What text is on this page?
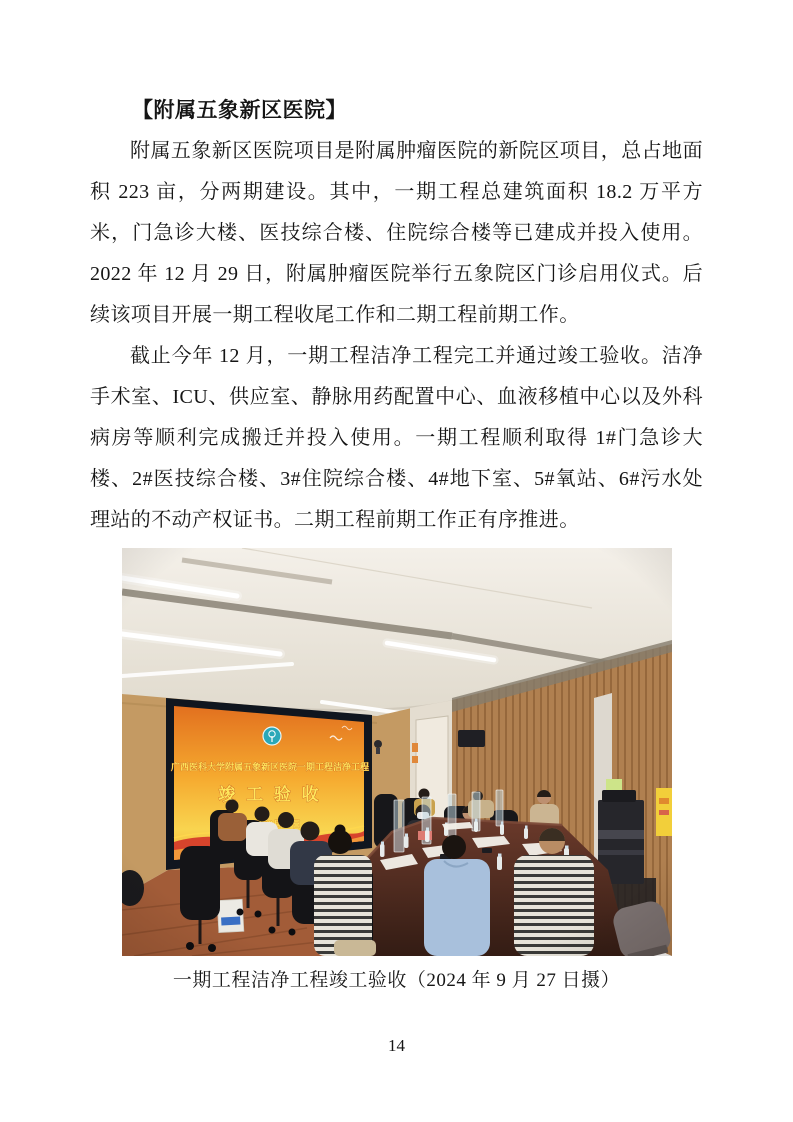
【附属五象新区医院】

附属五象新区医院项目是附属肿瘤医院的新院区项目，总占地面积 223 亩，分两期建设。其中，一期工程总建筑面积 18.2 万平方米，门急诊大楼、医技综合楼、住院综合楼等已建成并投入使用。2022 年 12 月 29 日，附属肿瘤医院举行五象院区门诊启用仪式。后续该项目开展一期工程收尾工作和二期工程前期工作。

截止今年 12 月，一期工程洁净工程完工并通过竣工验收。洁净手术室、ICU、供应室、静脉用药配置中心、血液移植中心以及外科病房等顺利完成搬迁并投入使用。一期工程顺利取得 1#门急诊大楼、2#医技综合楼、3#住院综合楼、4#地下室、5#氧站、6#污水处理站的不动产权证书。二期工程前期工作正有序推进。

一期工程洁净工程竣工验收（2024 年 9 月 27 日摄）
14
